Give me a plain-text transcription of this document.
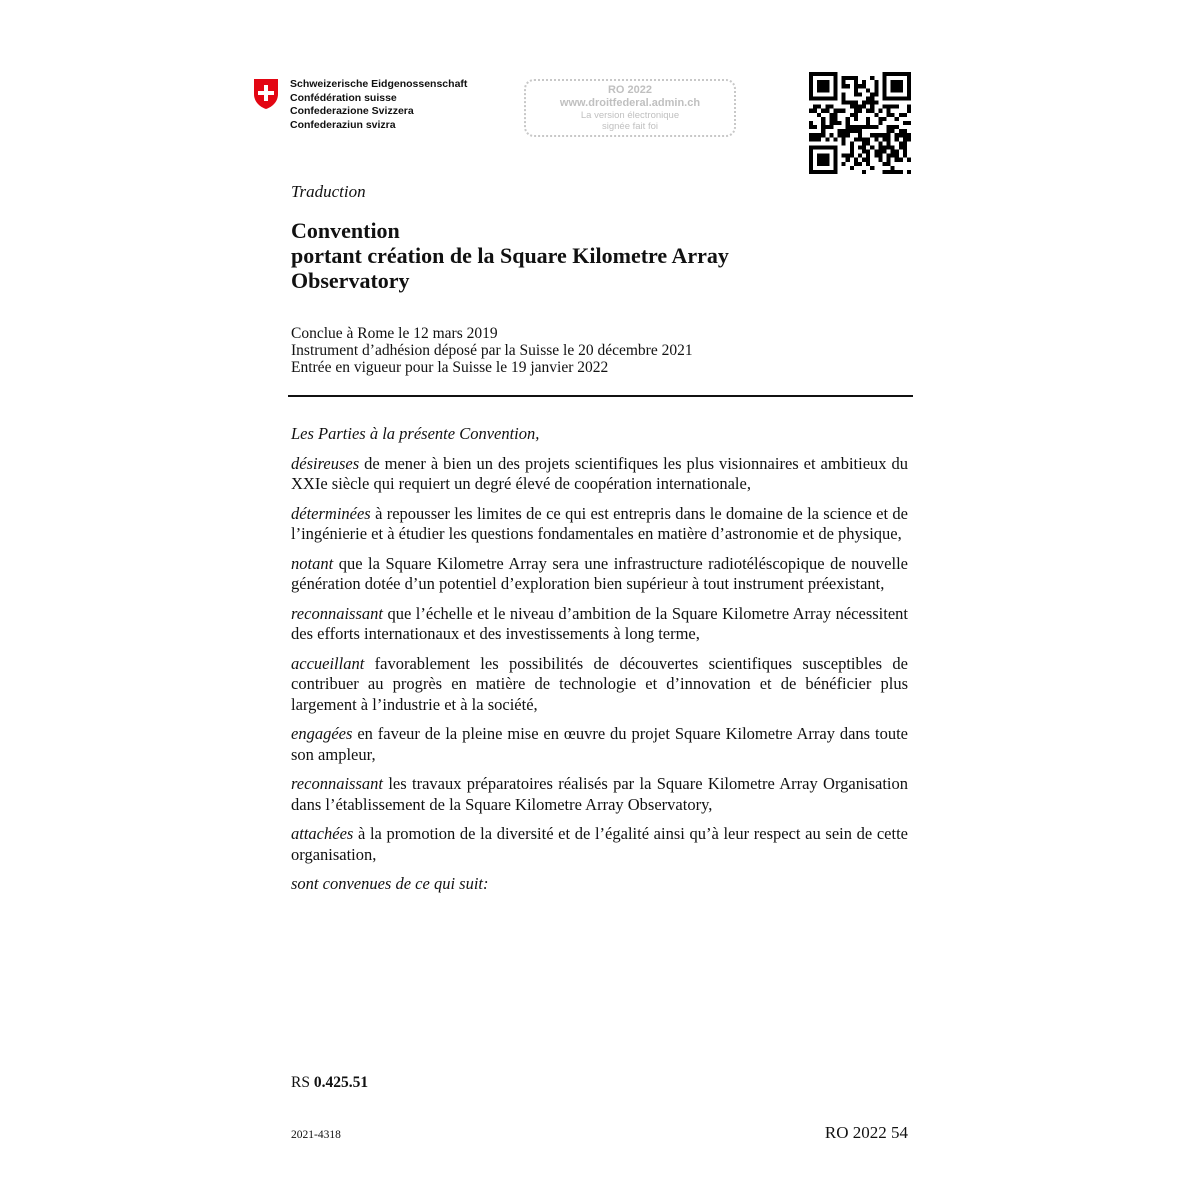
Schweizerische Eidgenossenschaft
Confédération suisse
Confederazione Svizzera
Confederaziun svizra
RO 2022
www.droitfederal.admin.ch
La version électronique
signée fait foi
Traduction
Convention
portant création de la Square Kilometre Array
Observatory
Conclue à Rome le 12 mars 2019
Instrument d’adhésion déposé par la Suisse le 20 décembre 2021
Entrée en vigueur pour la Suisse le 19 janvier 2022

Les Parties à la présente Convention,

désireuses de mener à bien un des projets scientifiques les plus visionnaires et ambitieux du XXIe siècle qui requiert un degré élevé de coopération internationale,

déterminées à repousser les limites de ce qui est entrepris dans le domaine de la science et de l’ingénierie et à étudier les questions fondamentales en matière d’astronomie et de physique,

notant que la Square Kilometre Array sera une infrastructure radiotéléscopique de nouvelle génération dotée d’un potentiel d’exploration bien supérieur à tout instrument préexistant,

reconnaissant que l’échelle et le niveau d’ambition de la Square Kilometre Array nécessitent des efforts internationaux et des investissements à long terme,

accueillant favorablement les possibilités de découvertes scientifiques susceptibles de contribuer au progrès en matière de technologie et d’innovation et de bénéficier plus largement à l’industrie et à la société,

engagées en faveur de la pleine mise en œuvre du projet Square Kilometre Array dans toute son ampleur,

reconnaissant les travaux préparatoires réalisés par la Square Kilometre Array Organisation dans l’établissement de la Square Kilometre Array Observatory,

attachées à la promotion de la diversité et de l’égalité ainsi qu’à leur respect au sein de cette organisation,

sont convenues de ce qui suit:

RS 0.425.51
2021-4318	RO 2022 54
